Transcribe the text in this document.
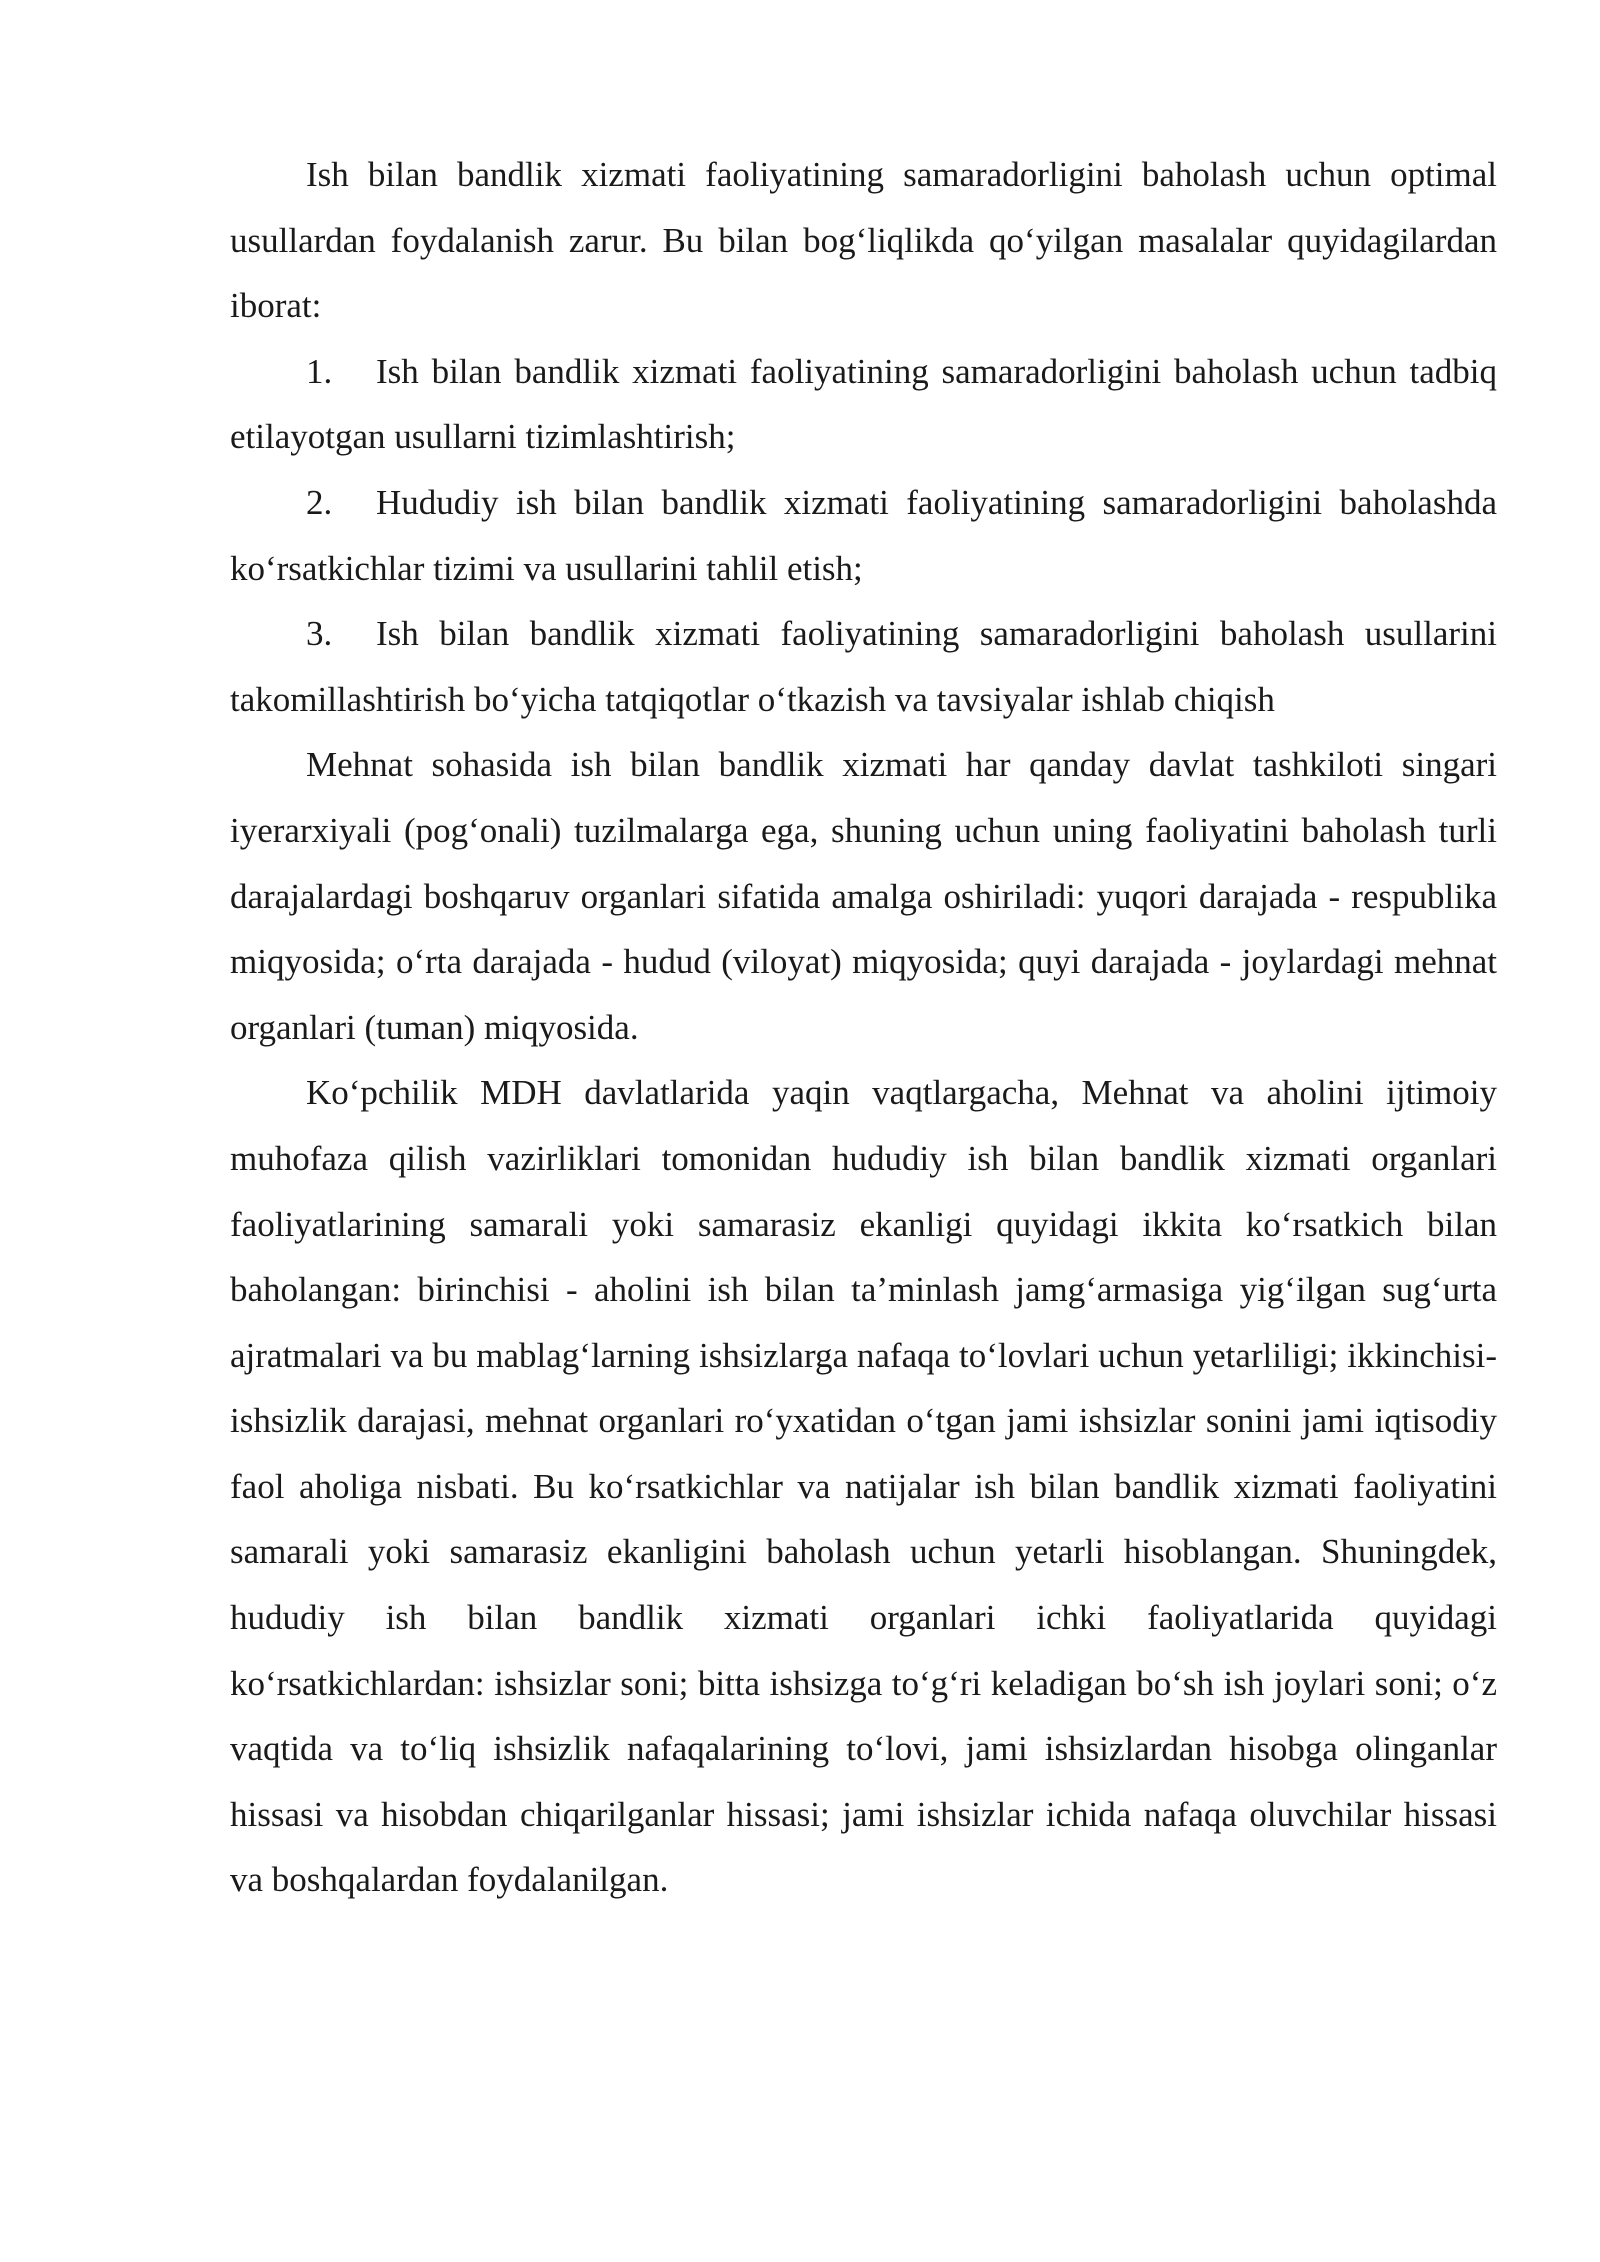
Ish bilan bandlik xizmati faoliyatining samaradorligini baholash uchun optimal usullardan foydalanish zarur. Bu bilan bog‘liqlikda qo‘yilgan masalalar quyidagilardan iborat:

1. Ish bilan bandlik xizmati faoliyatining samaradorligini baholash uchun tadbiq etilayotgan usullarni tizimlashtirish;

2. Hududiy ish bilan bandlik xizmati faoliyatining samaradorligini baholashda ko‘rsatkichlar tizimi va usullarini tahlil etish;

3. Ish bilan bandlik xizmati faoliyatining samaradorligini baholash usullarini takomillashtirish bo‘yicha tatqiqotlar o‘tkazish va tavsiyalar ishlab chiqish

Mehnat sohasida ish bilan bandlik xizmati har qanday davlat tashkiloti singari iyerarxiyali (pog‘onali) tuzilmalarga ega, shuning uchun uning faoliyatini baholash turli darajalardagi boshqaruv organlari sifatida amalga oshiriladi: yuqori darajada - respublika miqyosida; o‘rta darajada - hudud (viloyat) miqyosida; quyi darajada - joylardagi mehnat organlari (tuman) miqyosida.

Ko‘pchilik MDH davlatlarida yaqin vaqtlargacha, Mehnat va aholini ijtimoiy muhofaza qilish vazirliklari tomonidan hududiy ish bilan bandlik xizmati organlari faoliyatlarining samarali yoki samarasiz ekanligi quyidagi ikkita ko‘rsatkich bilan baholangan: birinchisi - aholini ish bilan ta’minlash jamg‘armasiga yig‘ilgan sug‘urta ajratmalari va bu mablag‘larning ishsizlarga nafaqa to‘lovlari uchun yetarliligi; ikkinchisi-ishsizlik darajasi, mehnat organlari ro‘yxatidan o‘tgan jami ishsizlar sonini jami iqtisodiy faol aholiga nisbati. Bu ko‘rsatkichlar va natijalar ish bilan bandlik xizmati faoliyatini samarali yoki samarasiz ekanligini baholash uchun yetarli hisoblangan. Shuningdek, hududiy ish bilan bandlik xizmati organlari ichki faoliyatlarida quyidagi ko‘rsatkichlardan: ishsizlar soni; bitta ishsizga to‘g‘ri keladigan bo‘sh ish joylari soni; o‘z vaqtida va to‘liq ishsizlik nafaqalarining to‘lovi, jami ishsizlardan hisobga olinganlar hissasi va hisobdan chiqarilganlar hissasi; jami ishsizlar ichida nafaqa oluvchilar hissasi va boshqalardan foydalanilgan.
